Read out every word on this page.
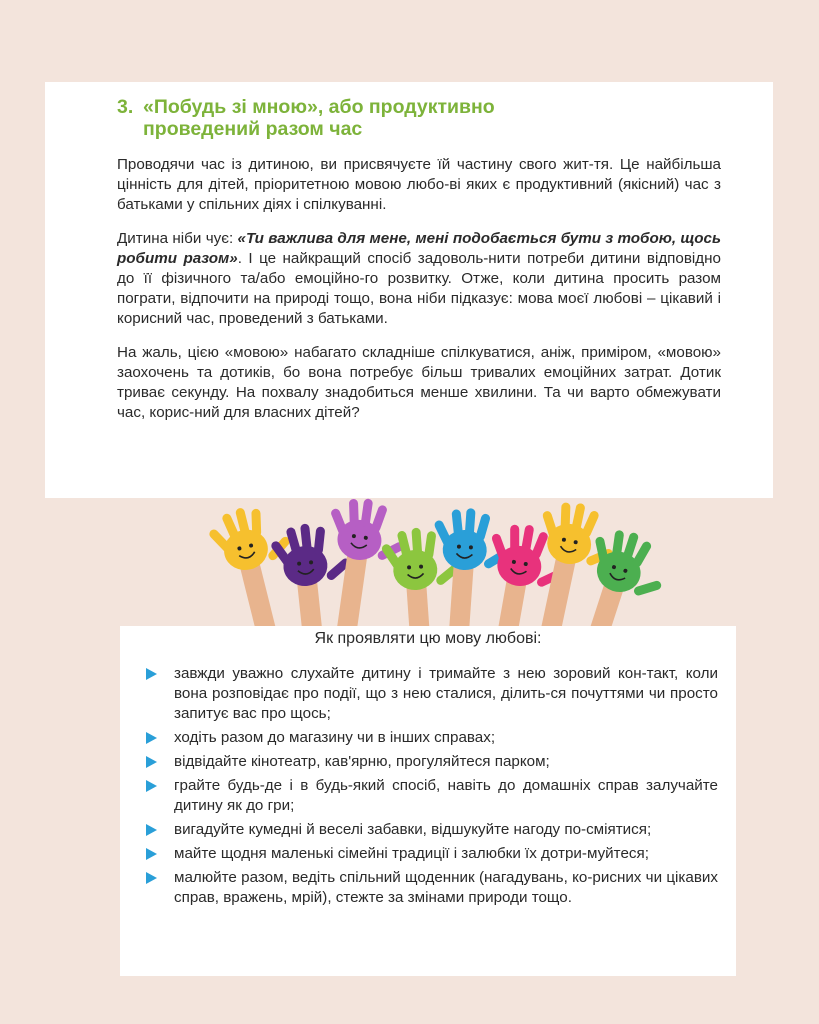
3. «Побудь зі мною», або продуктивно
проведений разом час

Проводячи час із дитиною, ви присвячуєте їй частину свого жит-тя. Це найбільша цінність для дітей, пріоритетною мовою любо-ві яких є продуктивний (якісний) час з батьками у спільних діях і спілкуванні.

Дитина ніби чує: «Ти важлива для мене, мені подобається бути з тобою, щось робити разом». І це найкращий спосіб задоволь-нити потреби дитини відповідно до її фізичного та/або емоційно-го розвитку. Отже, коли дитина просить разом пограти, відпочити на природі тощо, вона ніби підказує: мова моєї любові – цікавий і корисний час, проведений з батьками.

На жаль, цією «мовою» набагато складніше спілкуватися, аніж, приміром, «мовою» заохочень та дотиків, бо вона потребує більш тривалих емоційних затрат. Дотик триває секунду. На похвалу знадобиться менше хвилини. Та чи варто обмежувати час, корис-ний для власних дітей?

Як проявляти цю мову любові:
завжди уважно слухайте дитину і тримайте з нею зоровий кон-такт, коли вона розповідає про події, що з нею сталися, ділить-ся почуттями чи просто запитує вас про щось;
ходіть разом до магазину чи в інших справах;
відвідайте кінотеатр, кав'ярню, прогуляйтеся парком;
грайте будь-де і в будь-який спосіб, навіть до домашніх справ залучайте дитину як до гри;
вигадуйте кумедні й веселі забавки, відшукуйте нагоду по-сміятися;
майте щодня маленькі сімейні традиції і залюбки їх дотри-муйтеся;
малюйте разом, ведіть спільний щоденник (нагадувань, ко-рисних чи цікавих справ, вражень, мрій), стежте за змінами природи тощо.
